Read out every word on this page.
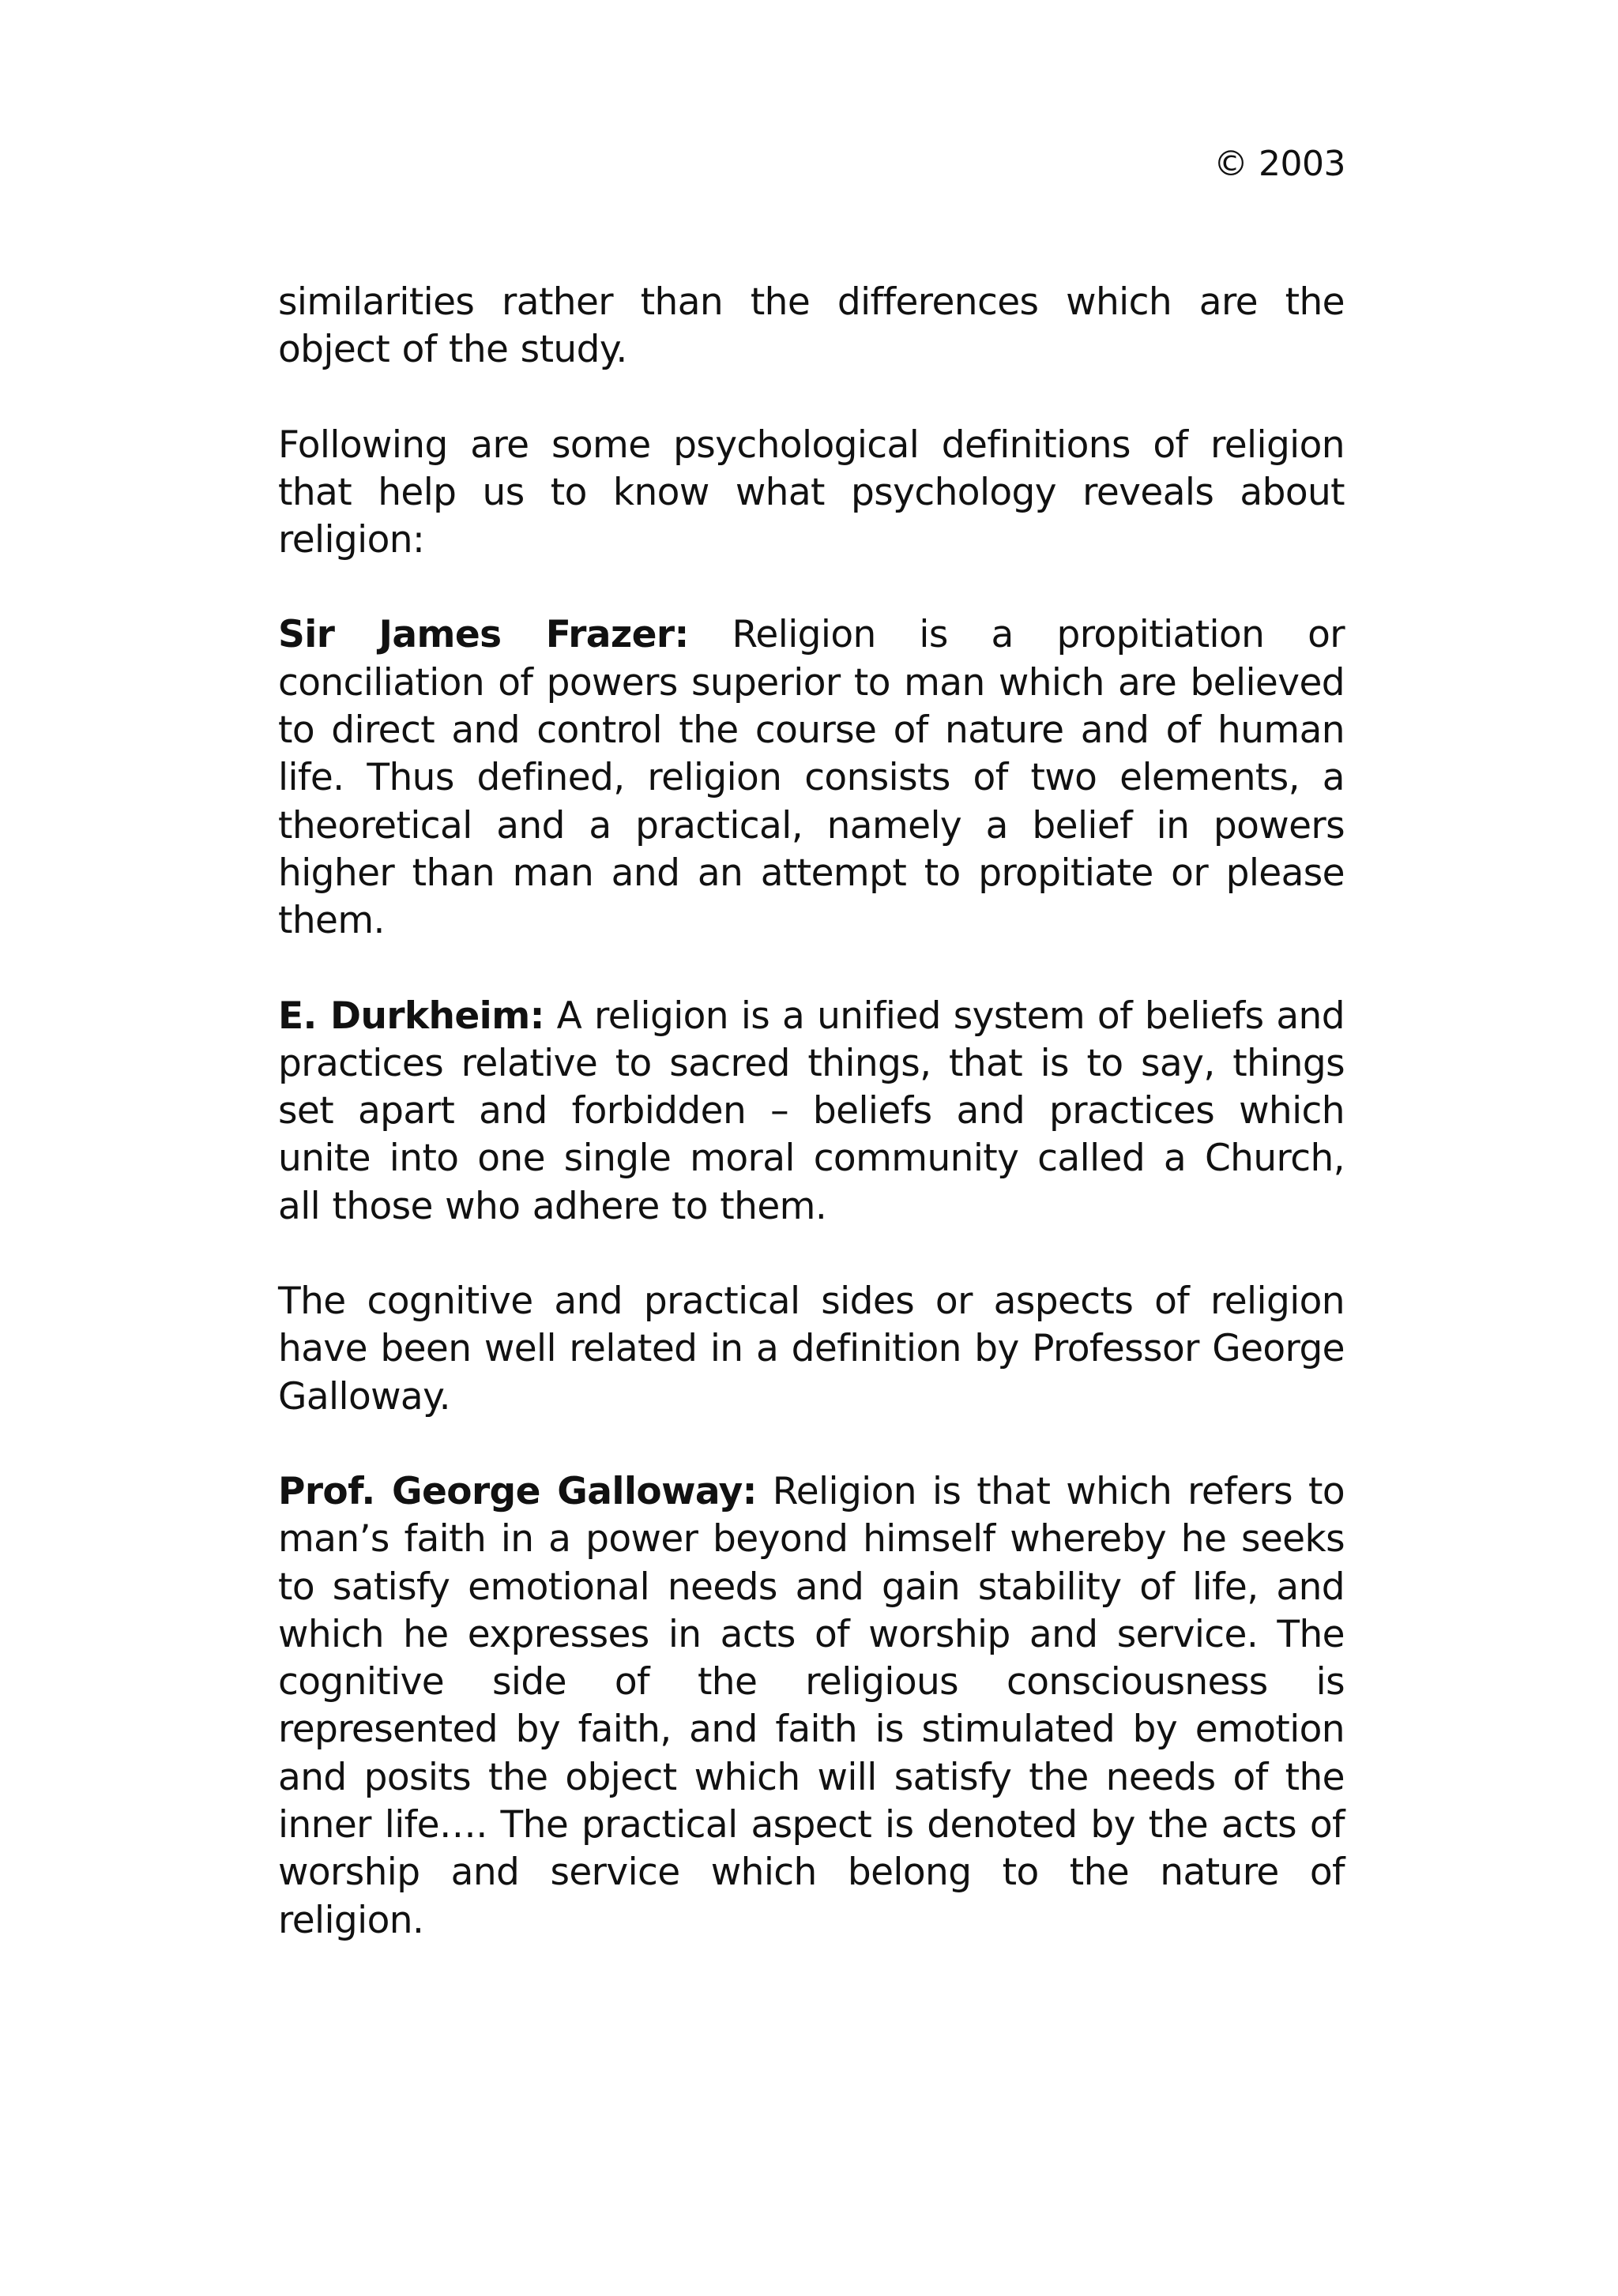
© 2003

similarities rather than the differences which are the object of the study.

Following are some psychological definitions of religion that help us to know what psychology reveals about religion:

Sir James Frazer: Religion is a propitiation or conciliation of powers superior to man which are believed to direct and control the course of nature and of human life. Thus defined, religion consists of two elements, a theoretical and a practical, namely a belief in powers higher than man and an attempt to propitiate or please them.

E. Durkheim: A religion is a unified system of beliefs and practices relative to sacred things, that is to say, things set apart and forbidden – beliefs and practices which unite into one single moral community called a Church, all those who adhere to them.

The cognitive and practical sides or aspects of religion have been well related in a definition by Professor George Galloway.

Prof. George Galloway: Religion is that which refers to man’s faith in a power beyond himself whereby he seeks to satisfy emotional needs and gain stability of life, and which he expresses in acts of worship and service. The cognitive side of the religious consciousness is represented by faith, and faith is stimulated by emotion and posits the object which will satisfy the needs of the inner life…. The practical aspect is denoted by the acts of worship and service which belong to the nature of religion.
